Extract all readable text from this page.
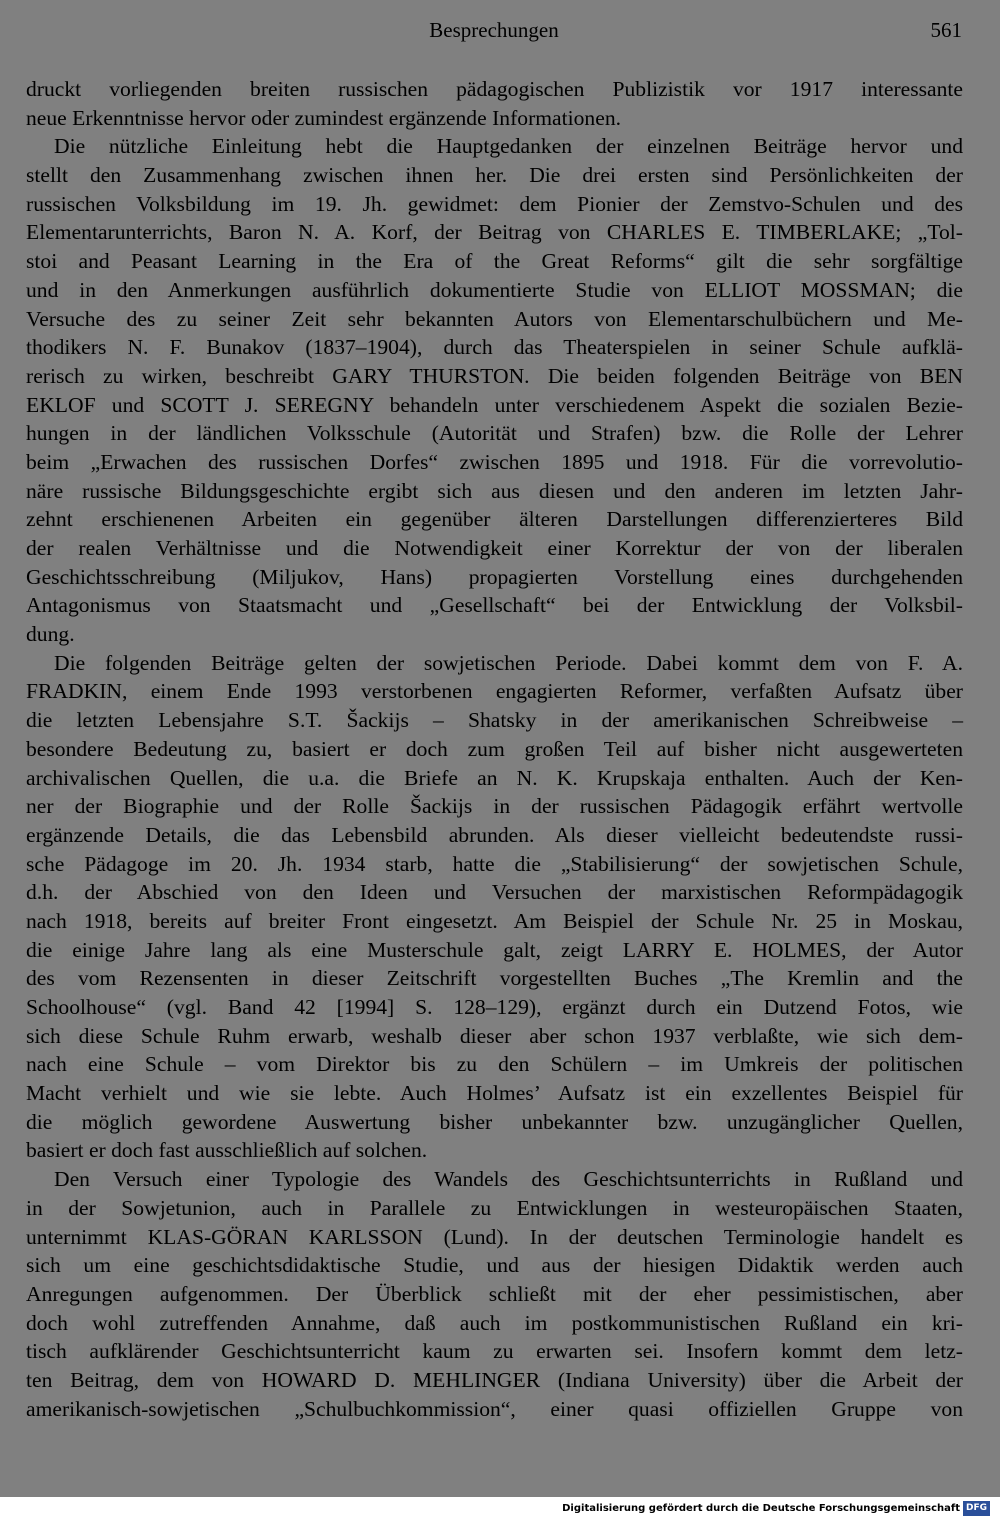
Besprechungen	561
druckt vorliegenden breiten russischen pädagogischen Publizistik vor 1917 interessante
neue Erkenntnisse hervor oder zumindest ergänzende Informationen.
Die nützliche Einleitung hebt die Hauptgedanken der einzelnen Beiträge hervor und
stellt den Zusammenhang zwischen ihnen her. Die drei ersten sind Persönlichkeiten der
russischen Volksbildung im 19. Jh. gewidmet: dem Pionier der Zemstvo-Schulen und des
Elementarunterrichts, Baron N. A. Korf, der Beitrag von CHARLES E. TIMBERLAKE; „Tol-
stoi and Peasant Learning in the Era of the Great Reforms“ gilt die sehr sorgfältige
und in den Anmerkungen ausführlich dokumentierte Studie von ELLIOT MOSSMAN; die
Versuche des zu seiner Zeit sehr bekannten Autors von Elementarschulbüchern und Me-
thodikers N. F. Bunakov (1837–1904), durch das Theaterspielen in seiner Schule aufklä-
rerisch zu wirken, beschreibt GARY THURSTON. Die beiden folgenden Beiträge von BEN
EKLOF und SCOTT J. SEREGNY behandeln unter verschiedenem Aspekt die sozialen Bezie-
hungen in der ländlichen Volksschule (Autorität und Strafen) bzw. die Rolle der Lehrer
beim „Erwachen des russischen Dorfes“ zwischen 1895 und 1918. Für die vorrevolutio-
näre russische Bildungsgeschichte ergibt sich aus diesen und den anderen im letzten Jahr-
zehnt erschienenen Arbeiten ein gegenüber älteren Darstellungen differenzierteres Bild
der realen Verhältnisse und die Notwendigkeit einer Korrektur der von der liberalen
Geschichtsschreibung (Miljukov, Hans) propagierten Vorstellung eines durchgehenden
Antagonismus von Staatsmacht und „Gesellschaft“ bei der Entwicklung der Volksbil-
dung.
Die folgenden Beiträge gelten der sowjetischen Periode. Dabei kommt dem von F. A.
FRADKIN, einem Ende 1993 verstorbenen engagierten Reformer, verfaßten Aufsatz über
die letzten Lebensjahre S.T. Šackijs – Shatsky in der amerikanischen Schreibweise –
besondere Bedeutung zu, basiert er doch zum großen Teil auf bisher nicht ausgewerteten
archivalischen Quellen, die u.a. die Briefe an N. K. Krupskaja enthalten. Auch der Ken-
ner der Biographie und der Rolle Šackijs in der russischen Pädagogik erfährt wertvolle
ergänzende Details, die das Lebensbild abrunden. Als dieser vielleicht bedeutendste russi-
sche Pädagoge im 20. Jh. 1934 starb, hatte die „Stabilisierung“ der sowjetischen Schule,
d.h. der Abschied von den Ideen und Versuchen der marxistischen Reformpädagogik
nach 1918, bereits auf breiter Front eingesetzt. Am Beispiel der Schule Nr. 25 in Moskau,
die einige Jahre lang als eine Musterschule galt, zeigt LARRY E. HOLMES, der Autor
des vom Rezensenten in dieser Zeitschrift vorgestellten Buches „The Kremlin and the
Schoolhouse“ (vgl. Band 42 [1994] S. 128–129), ergänzt durch ein Dutzend Fotos, wie
sich diese Schule Ruhm erwarb, weshalb dieser aber schon 1937 verblaßte, wie sich dem-
nach eine Schule – vom Direktor bis zu den Schülern – im Umkreis der politischen
Macht verhielt und wie sie lebte. Auch Holmes’ Aufsatz ist ein exzellentes Beispiel für
die möglich gewordene Auswertung bisher unbekannter bzw. unzugänglicher Quellen,
basiert er doch fast ausschließlich auf solchen.
Den Versuch einer Typologie des Wandels des Geschichtsunterrichts in Rußland und
in der Sowjetunion, auch in Parallele zu Entwicklungen in westeuropäischen Staaten,
unternimmt KLAS-GÖRAN KARLSSON (Lund). In der deutschen Terminologie handelt es
sich um eine geschichtsdidaktische Studie, und aus der hiesigen Didaktik werden auch
Anregungen aufgenommen. Der Überblick schließt mit der eher pessimistischen, aber
doch wohl zutreffenden Annahme, daß auch im postkommunistischen Rußland ein kri-
tisch aufklärender Geschichtsunterricht kaum zu erwarten sei. Insofern kommt dem letz-
ten Beitrag, dem von HOWARD D. MEHLINGER (Indiana University) über die Arbeit der
amerikanisch-sowjetischen „Schulbuchkommission“, einer quasi offiziellen Gruppe von
Digitalisierung gefördert durch die Deutsche Forschungsgemeinschaft DFG
